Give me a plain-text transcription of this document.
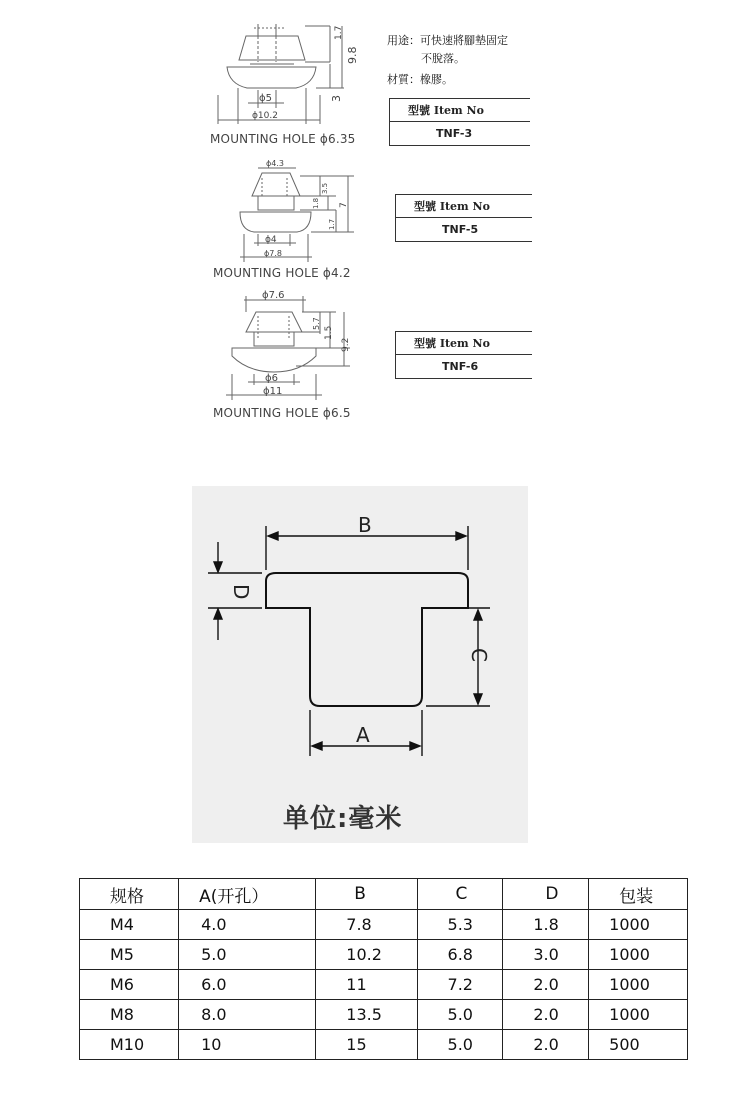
1.7
9.8
3
ϕ5
ϕ10.2
ϕ4.3
3.5
1.8
1.7
7
ϕ4
ϕ7.8
ϕ7.6
5.7
1.5
9.2
ϕ6
ϕ11
MOUNTING HOLE ϕ6.35
MOUNTING HOLE ϕ4.2
MOUNTING HOLE ϕ6.5
用途：可快速將腳墊固定
不脫落。
材質：橡膠。
型號 Item No
TNF-3
型號 Item No
TNF-5
型號 Item No
TNF-6
B
D
C
A
单位:毫米
规格	A(开孔）	B	C	D	包装
M4	4.0	7.8	5.3	1.8	1000
M5	5.0	10.2	6.8	3.0	1000
M6	6.0	11	7.2	2.0	1000
M8	8.0	13.5	5.0	2.0	1000
M10	10	15	5.0	2.0	500
